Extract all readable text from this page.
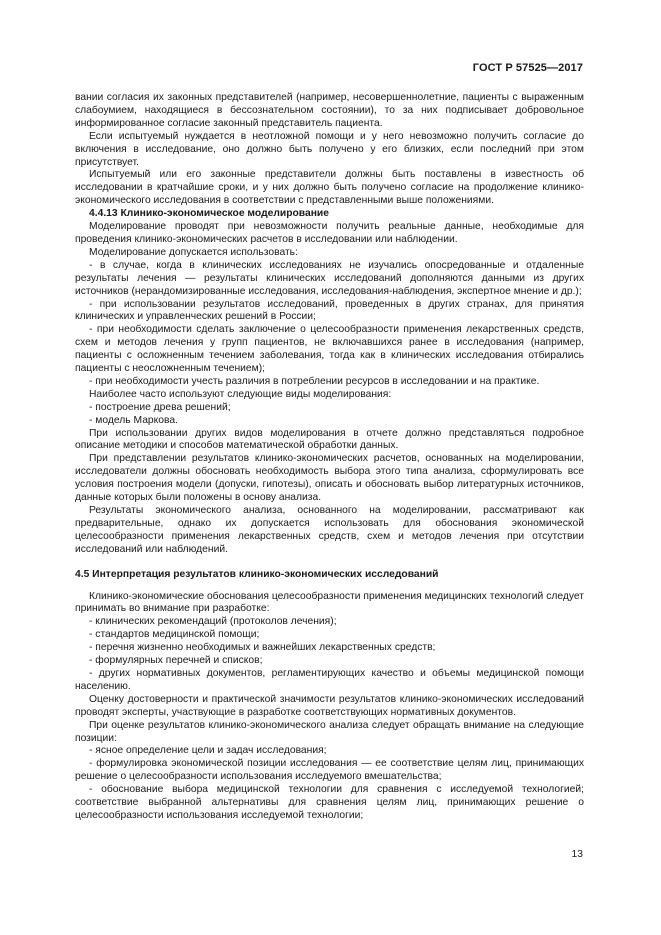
ГОСТ Р 57525—2017

вании согласия их законных представителей (например, несовершеннолетние, пациенты с выраженным слабоумием, находящиеся в бессознательном состоянии), то за них подписывает добровольное информированное согласие законный представитель пациента.

Если испытуемый нуждается в неотложной помощи и у него невозможно получить согласие до включения в исследование, оно должно быть получено у его близких, если последний при этом присутствует.

Испытуемый или его законные представители должны быть поставлены в известность об исследовании в кратчайшие сроки, и у них должно быть получено согласие на продолжение клинико-экономического исследования в соответствии с представленными выше положениями.

4.4.13 Клинико-экономическое моделирование

Моделирование проводят при невозможности получить реальные данные, необходимые для проведения клинико-экономических расчетов в исследовании или наблюдении.

Моделирование допускается использовать:

- в случае, когда в клинических исследованиях не изучались опосредованные и отдаленные результаты лечения — результаты клинических исследований дополняются данными из других источников (нерандомизированные исследования, исследования-наблюдения, экспертное мнение и др.);

- при использовании результатов исследований, проведенных в других странах, для принятия клинических и управленческих решений в России;

- при необходимости сделать заключение о целесообразности применения лекарственных средств, схем и методов лечения у групп пациентов, не включавшихся ранее в исследования (например, пациенты с осложненным течением заболевания, тогда как в клинических исследования отбирались пациенты с неосложненным течением);

- при необходимости учесть различия в потреблении ресурсов в исследовании и на практике.

Наиболее часто используют следующие виды моделирования:

- построение древа решений;

- модель Маркова.

При использовании других видов моделирования в отчете должно представляться подробное описание методики и способов математической обработки данных.

При представлении результатов клинико-экономических расчетов, основанных на моделировании, исследователи должны обосновать необходимость выбора этого типа анализа, сформулировать все условия построения модели (допуски, гипотезы), описать и обосновать выбор литературных источников, данные которых были положены в основу анализа.

Результаты экономического анализа, основанного на моделировании, рассматривают как предварительные, однако их допускается использовать для обоснования экономической целесообразности применения лекарственных средств, схем и методов лечения при отсутствии исследований или наблюдений.

4.5 Интерпретация результатов клинико-экономических исследований

Клинико-экономические обоснования целесообразности применения медицинских технологий следует принимать во внимание при разработке:

- клинических рекомендаций (протоколов лечения);

- стандартов медицинской помощи;

- перечня жизненно необходимых и важнейших лекарственных средств;

- формулярных перечней и списков;

- других нормативных документов, регламентирующих качество и объемы медицинской помощи населению.

Оценку достоверности и практической значимости результатов клинико-экономических исследований проводят эксперты, участвующие в разработке соответствующих нормативных документов.

При оценке результатов клинико-экономического анализа следует обращать внимание на следующие позиции:

- ясное определение цели и задач исследования;

- формулировка экономической позиции исследования — ее соответствие целям лиц, принимающих решение о целесообразности использования исследуемого вмешательства;

- обоснование выбора медицинской технологии для сравнения с исследуемой технологией; соответствие выбранной альтернативы для сравнения целям лиц, принимающих решение о целесообразности использования исследуемой технологии;

13
